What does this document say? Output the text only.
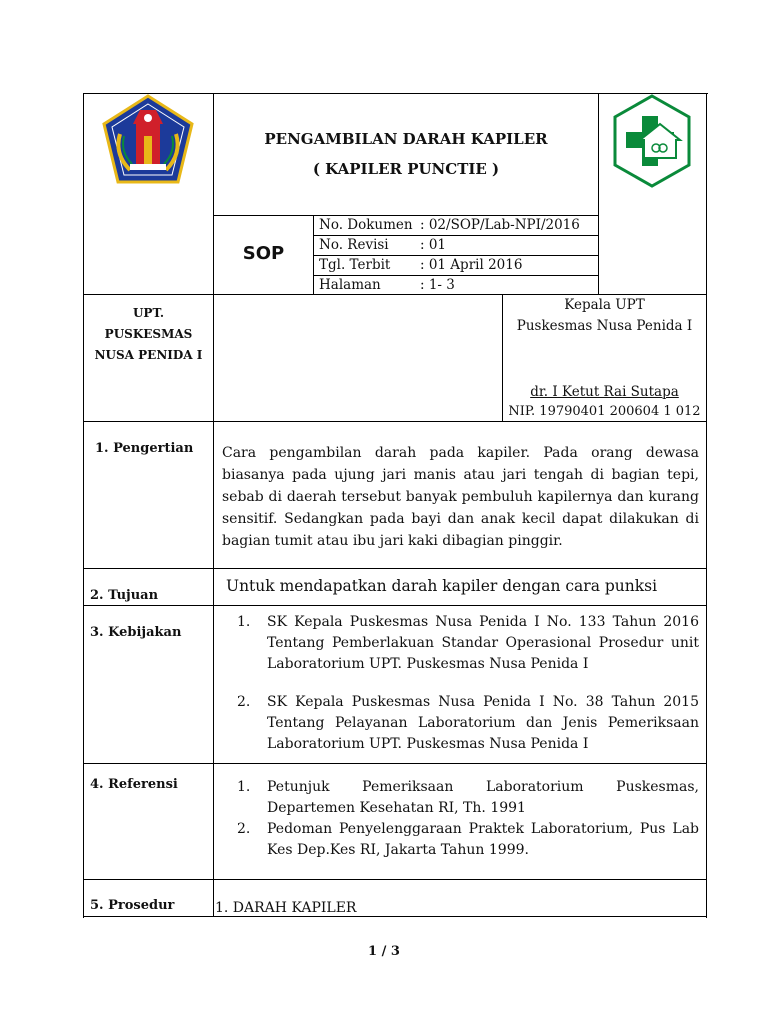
PENGAMBILAN DARAH KAPILER
( KAPILER PUNCTIE )
SOP
No. Dokumen : 02/SOP/Lab-NPI/2016
No. Revisi : 01
Tgl. Terbit : 01 April 2016
Halaman	: 1- 3
UPT.
PUSKESMAS
NUSA PENIDA I
Kepala UPT
Puskesmas Nusa Penida I
dr. I Ketut Rai Sutapa
NIP. 19790401 200604 1 012
1. Pengertian Cara pengambilan darah pada kapiler. Pada orang dewasa biasanya pada ujung jari manis atau jari tengah di bagian tepi, sebab di daerah tersebut banyak pembuluh kapilernya dan kurang sensitif. Sedangkan pada bayi dan anak kecil dapat dilakukan di bagian tumit atau ibu jari kaki dibagian pinggir.
2. Tujuan
Untuk mendapatkan darah kapiler dengan cara punksi
3. Kebijakan
1. SK Kepala Puskesmas Nusa Penida I No. 133 Tahun 2016 Tentang Pemberlakuan Standar Operasional Prosedur unit Laboratorium UPT. Puskesmas Nusa Penida I
2. SK Kepala Puskesmas Nusa Penida I No. 38 Tahun 2015 Tentang Pelayanan Laboratorium dan Jenis Pemeriksaan Laboratorium UPT. Puskesmas Nusa Penida I
4. Referensi	1. Petunjuk Pemeriksaan Laboratorium Puskesmas, Departemen Kesehatan RI, Th. 1991
2. Pedoman Penyelenggaraan Praktek Laboratorium, Pus Lab Kes Dep.Kes RI, Jakarta Tahun 1999.
5. Prosedur	1. DARAH KAPILER
1 / 3
